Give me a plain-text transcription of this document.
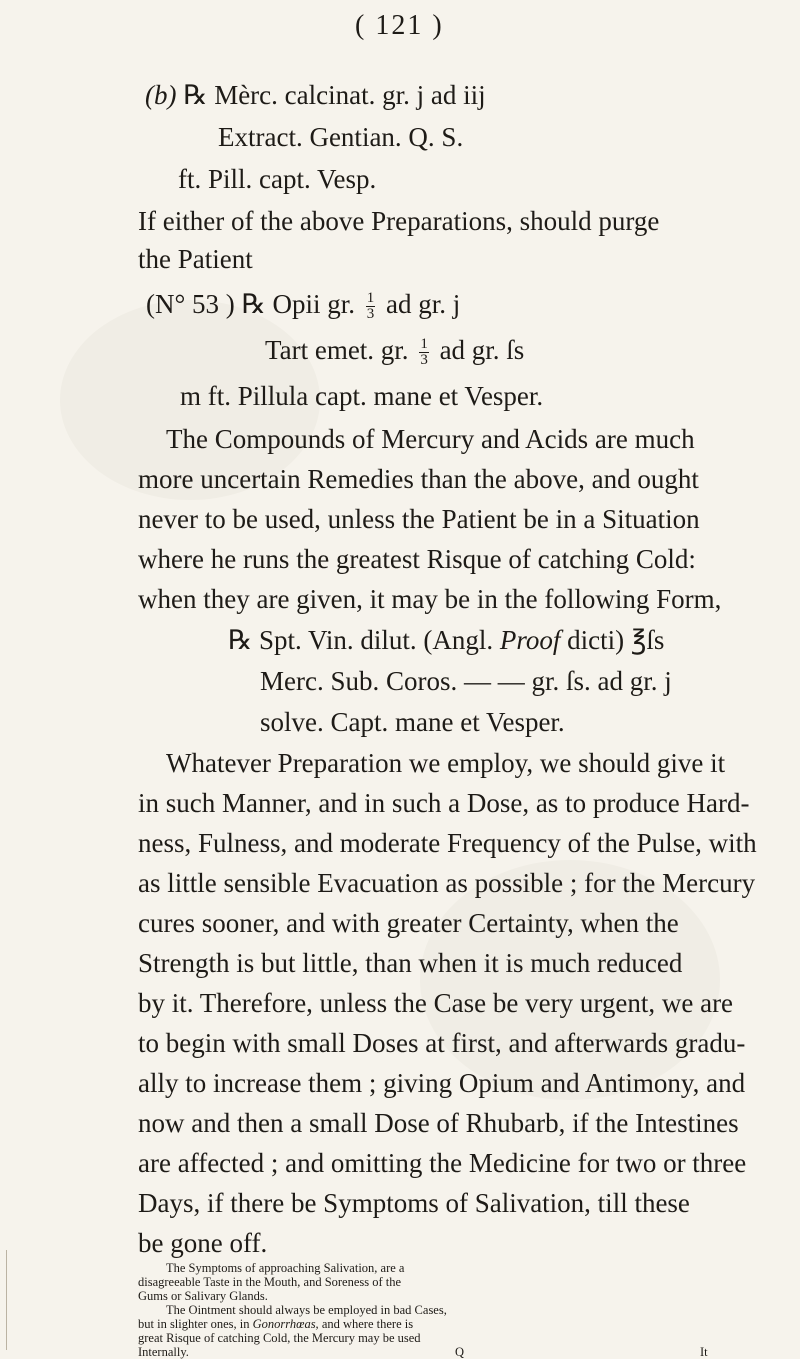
( 121 )
(b) ℞ Mèrc. calcinat. gr. j ad iij
Extract. Gentian. Q. S.
ft. Pill. capt. Vesp.
If either of the above Preparations, should purge
the Patient
(N° 53 ) ℞ Opii gr. $\frac{1}{3}$ ad gr. j
Tart emet. gr. $\frac{1}{3}$ ad gr. ſs
m ft. Pillula capt. mane et Vesper.
The Compounds of Mercury and Acids are much
more uncertain Remedies than the above, and ought
never to be used, unless the Patient be in a Situation
where he runs the greatest Risque of catching Cold:
when they are given, it may be in the following Form,
℞ Spt. Vin. dilut. (Angl. Proof dicti) ℥ſs
Merc. Sub. Coros. — — gr. ſs. ad gr. j
solve. Capt. mane et Vesper.
Whatever Preparation we employ, we should give it
in such Manner, and in such a Dose, as to produce Hard-
ness, Fulness, and moderate Frequency of the Pulse, with
as little sensible Evacuation as possible ; for the Mercury
cures sooner, and with greater Certainty, when the
Strength is but little, than when it is much reduced
by it. Therefore, unless the Case be very urgent, we are
to begin with small Doses at first, and afterwards gradu-
ally to increase them ; giving Opium and Antimony, and
now and then a small Dose of Rhubarb, if the Intestines
are affected ; and omitting the Medicine for two or three
Days, if there be Symptoms of Salivation, till these
be gone off.
The Symptoms of approaching Salivation, are a
disagreeable Taste in the Mouth, and Soreness of the
Gums or Salivary Glands.
The Ointment should always be employed in bad Cases,
but in slighter ones, in Gonorrhœas, and where there is
great Risque of catching Cold, the Mercury may be used
Internally.	Q	It
